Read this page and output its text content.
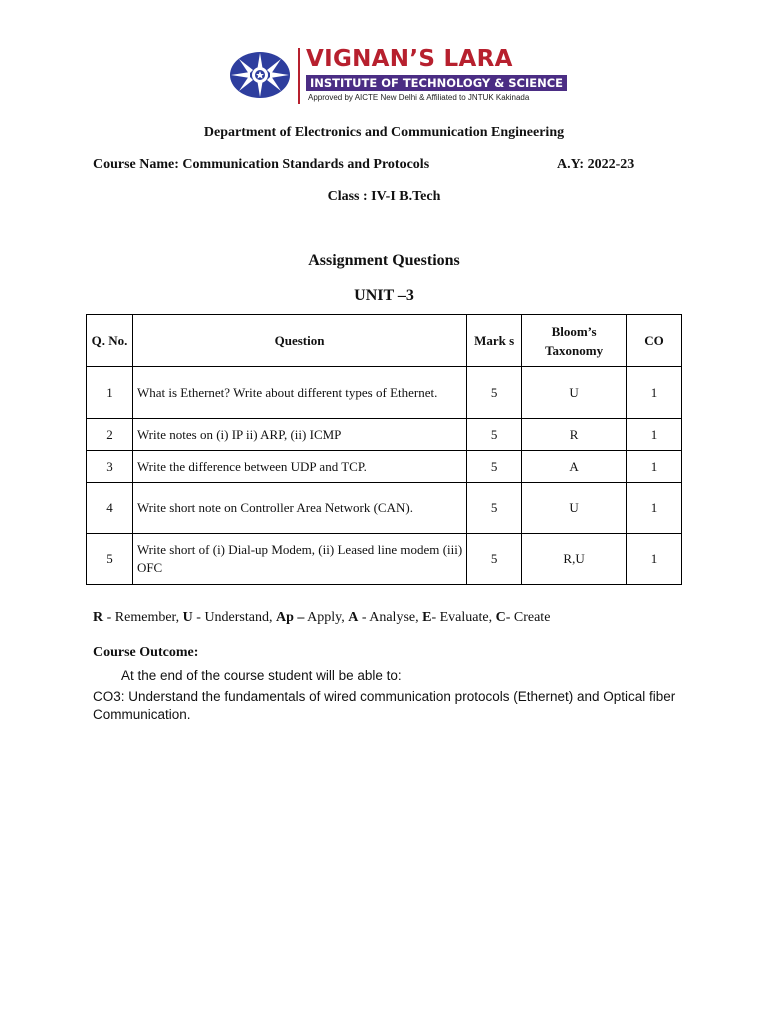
VIGNAN’S LARA
INSTITUTE OF TECHNOLOGY & SCIENCE
Approved by AICTE New Delhi & Affiliated to JNTUK Kakinada
Department of Electronics and Communication Engineering
Course Name: Communication Standards and Protocols	A.Y: 2022-23
Class : IV-I B.Tech
Assignment Questions
UNIT –3
Q. No.	Question	Mark s	Bloom’s Taxonomy	CO
1	What is Ethernet? Write about different types of Ethernet.	5	U	1
2	Write notes on (i) IP ii) ARP, (ii) ICMP	5	R	1
3	Write the difference between UDP and TCP.	5	A	1
4	Write short note on Controller Area Network (CAN).	5	U	1
5	Write short of (i) Dial-up Modem, (ii) Leased line modem (iii) OFC	5	R,U	1
R - Remember, U - Understand, Ap – Apply, A - Analyse, E- Evaluate, C- Create
Course Outcome:
At the end of the course student will be able to:
CO3: Understand the fundamentals of wired communication protocols (Ethernet) and Optical fiber Communication.
